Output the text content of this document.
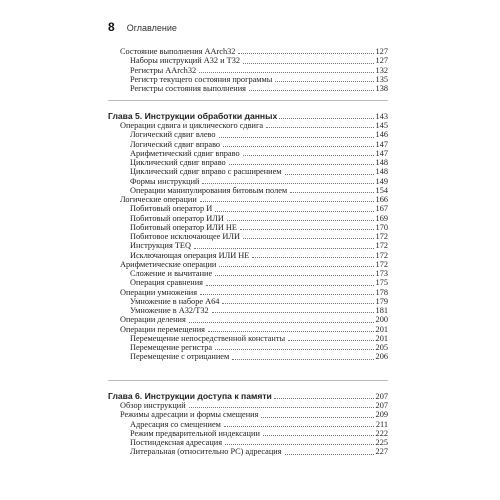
8 Оглавление
Состояние выполнения AArch32	127
Наборы инструкций A32 и T32	127
Регистры AArch32	132
Регистр текущего состояния программы	135
Регистры состояния выполнения	138
Глава 5. Инструкции обработки данных	143
Операции сдвига и циклического сдвига	145
Логический сдвиг влево	146
Логический сдвиг вправо	147
Арифметический сдвиг вправо	147
Циклический сдвиг вправо	148
Циклический сдвиг вправо с расширением	148
Формы инструкций	149
Операции манипулирования битовым полем	154
Логические операции	166
Побитовый оператор И	167
Побитовый оператор ИЛИ	169
Побитовый оператор ИЛИ НЕ	170
Побитовое исключающее ИЛИ	172
Инструкция TEQ	172
Исключающая операция ИЛИ НЕ	172
Арифметические операции	172
Сложение и вычитание	173
Операция сравнения	175
Операции умножения	178
Умножение в наборе A64	179
Умножение в A32/T32	181
Операции деления	200
Операции перемещения	201
Перемещение непосредственной константы	201
Перемещение регистра	205
Перемещение с отрицанием	206
Глава 6. Инструкции доступа к памяти	207
Обзор инструкций	207
Режимы адресации и формы смещения	209
Адресация со смещением	211
Режим предварительной индексации	222
Постиндексная адресация	225
Литеральная (относительно PC) адресация	227
